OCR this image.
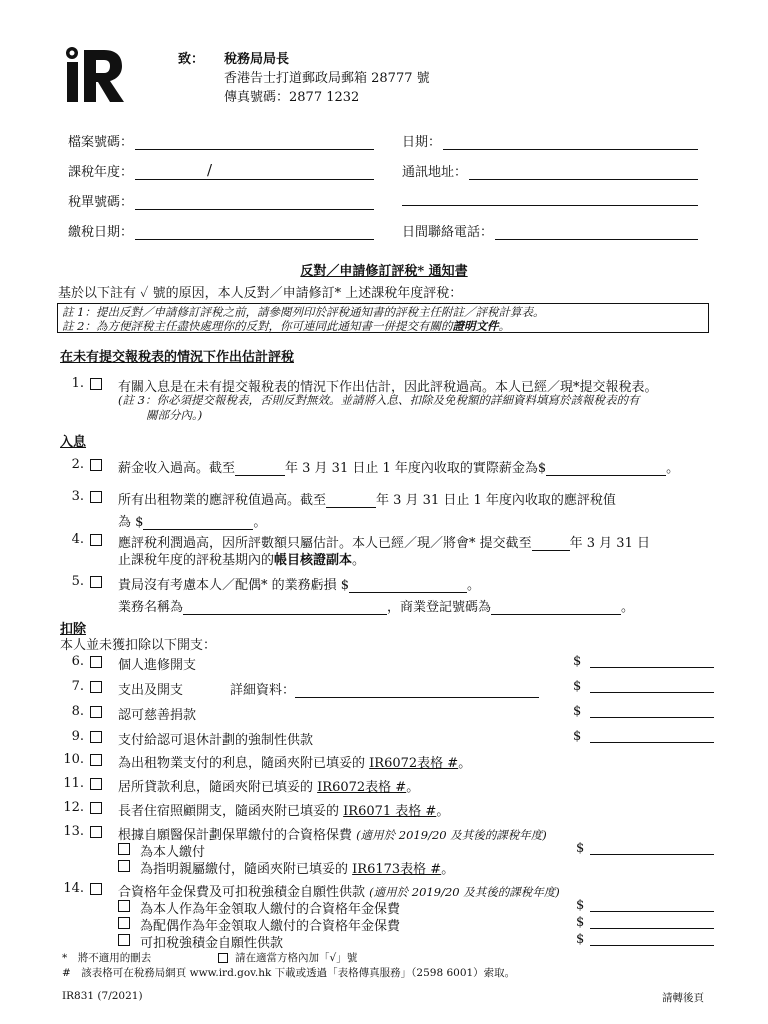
致： 稅務局局長
香港告士打道郵政局郵箱 28777 號
傳真號碼：2877 1232
檔案號碼：	日期：
課稅年度：	/	通訊地址：
稅單號碼：
繳稅日期：	日間聯絡電話：
反對／申請修訂評稅* 通知書
基於以下註有 ✓ 號的原因，本人反對／申請修訂* 上述課稅年度評稅：
註 1：提出反對／申請修訂評稅之前，請參閱列印於評稅通知書的評稅主任附註／評稅計算表。
註 2：為方便評稅主任盡快處理你的反對，你可連同此通知書一併提交有關的證明文件。
在未有提交報稅表的情況下作出估計評稅
1.	有關入息是在未有提交報稅表的情況下作出估計，因此評稅過高。本人已經／現*提交報稅表。
(註 3：你必須提交報稅表，否則反對無效。並請將入息、扣除及免稅額的詳細資料填寫於該報稅表的有
關部分內。)
入息
2.	薪金收入過高。截至	年 3 月 31 日止 1 年度內收取的實際薪金為$	。
3.	所有出租物業的應評稅值過高。截至	年 3 月 31 日止 1 年度內收取的應評稅值
為 $	。
4.	應評稅利潤過高，因所評數額只屬估計。本人已經／現／將會* 提交截至	年 3 月 31 日
止課稅年度的評稅基期內的帳目核證副本。
5.	貴局沒有考慮本人／配偶* 的業務虧損 $	。
業務名稱為	，商業登記號碼為	。
扣除
本人並未獲扣除以下開支：
6.	個人進修開支	$
7.	支出及開支	詳細資料：	$
8.	認可慈善捐款	$
9.	支付給認可退休計劃的強制性供款	$
10.	為出租物業支付的利息，隨函夾附已填妥的 IR6072表格 #。
11.	居所貸款利息，隨函夾附已填妥的 IR6072表格 #。
12.	長者住宿照顧開支，隨函夾附已填妥的 IR6071 表格 #。
13.	根據自願醫保計劃保單繳付的合資格保費 (適用於 2019/20 及其後的課稅年度)
為本人繳付	$
為指明親屬繳付，隨函夾附已填妥的 IR6173表格 #。
14.	合資格年金保費及可扣稅強積金自願性供款 (適用於 2019/20 及其後的課稅年度)
為本人作為年金領取人繳付的合資格年金保費	$
為配偶作為年金領取人繳付的合資格年金保費	$
可扣稅強積金自願性供款	$
*　將不適用的刪去	請在適當方格內加「√」號
#　該表格可在稅務局網頁 www.ird.gov.hk 下載或透過「表格傳真服務」（2598 6001）索取。
IR831 (7/2021)	請轉後頁
